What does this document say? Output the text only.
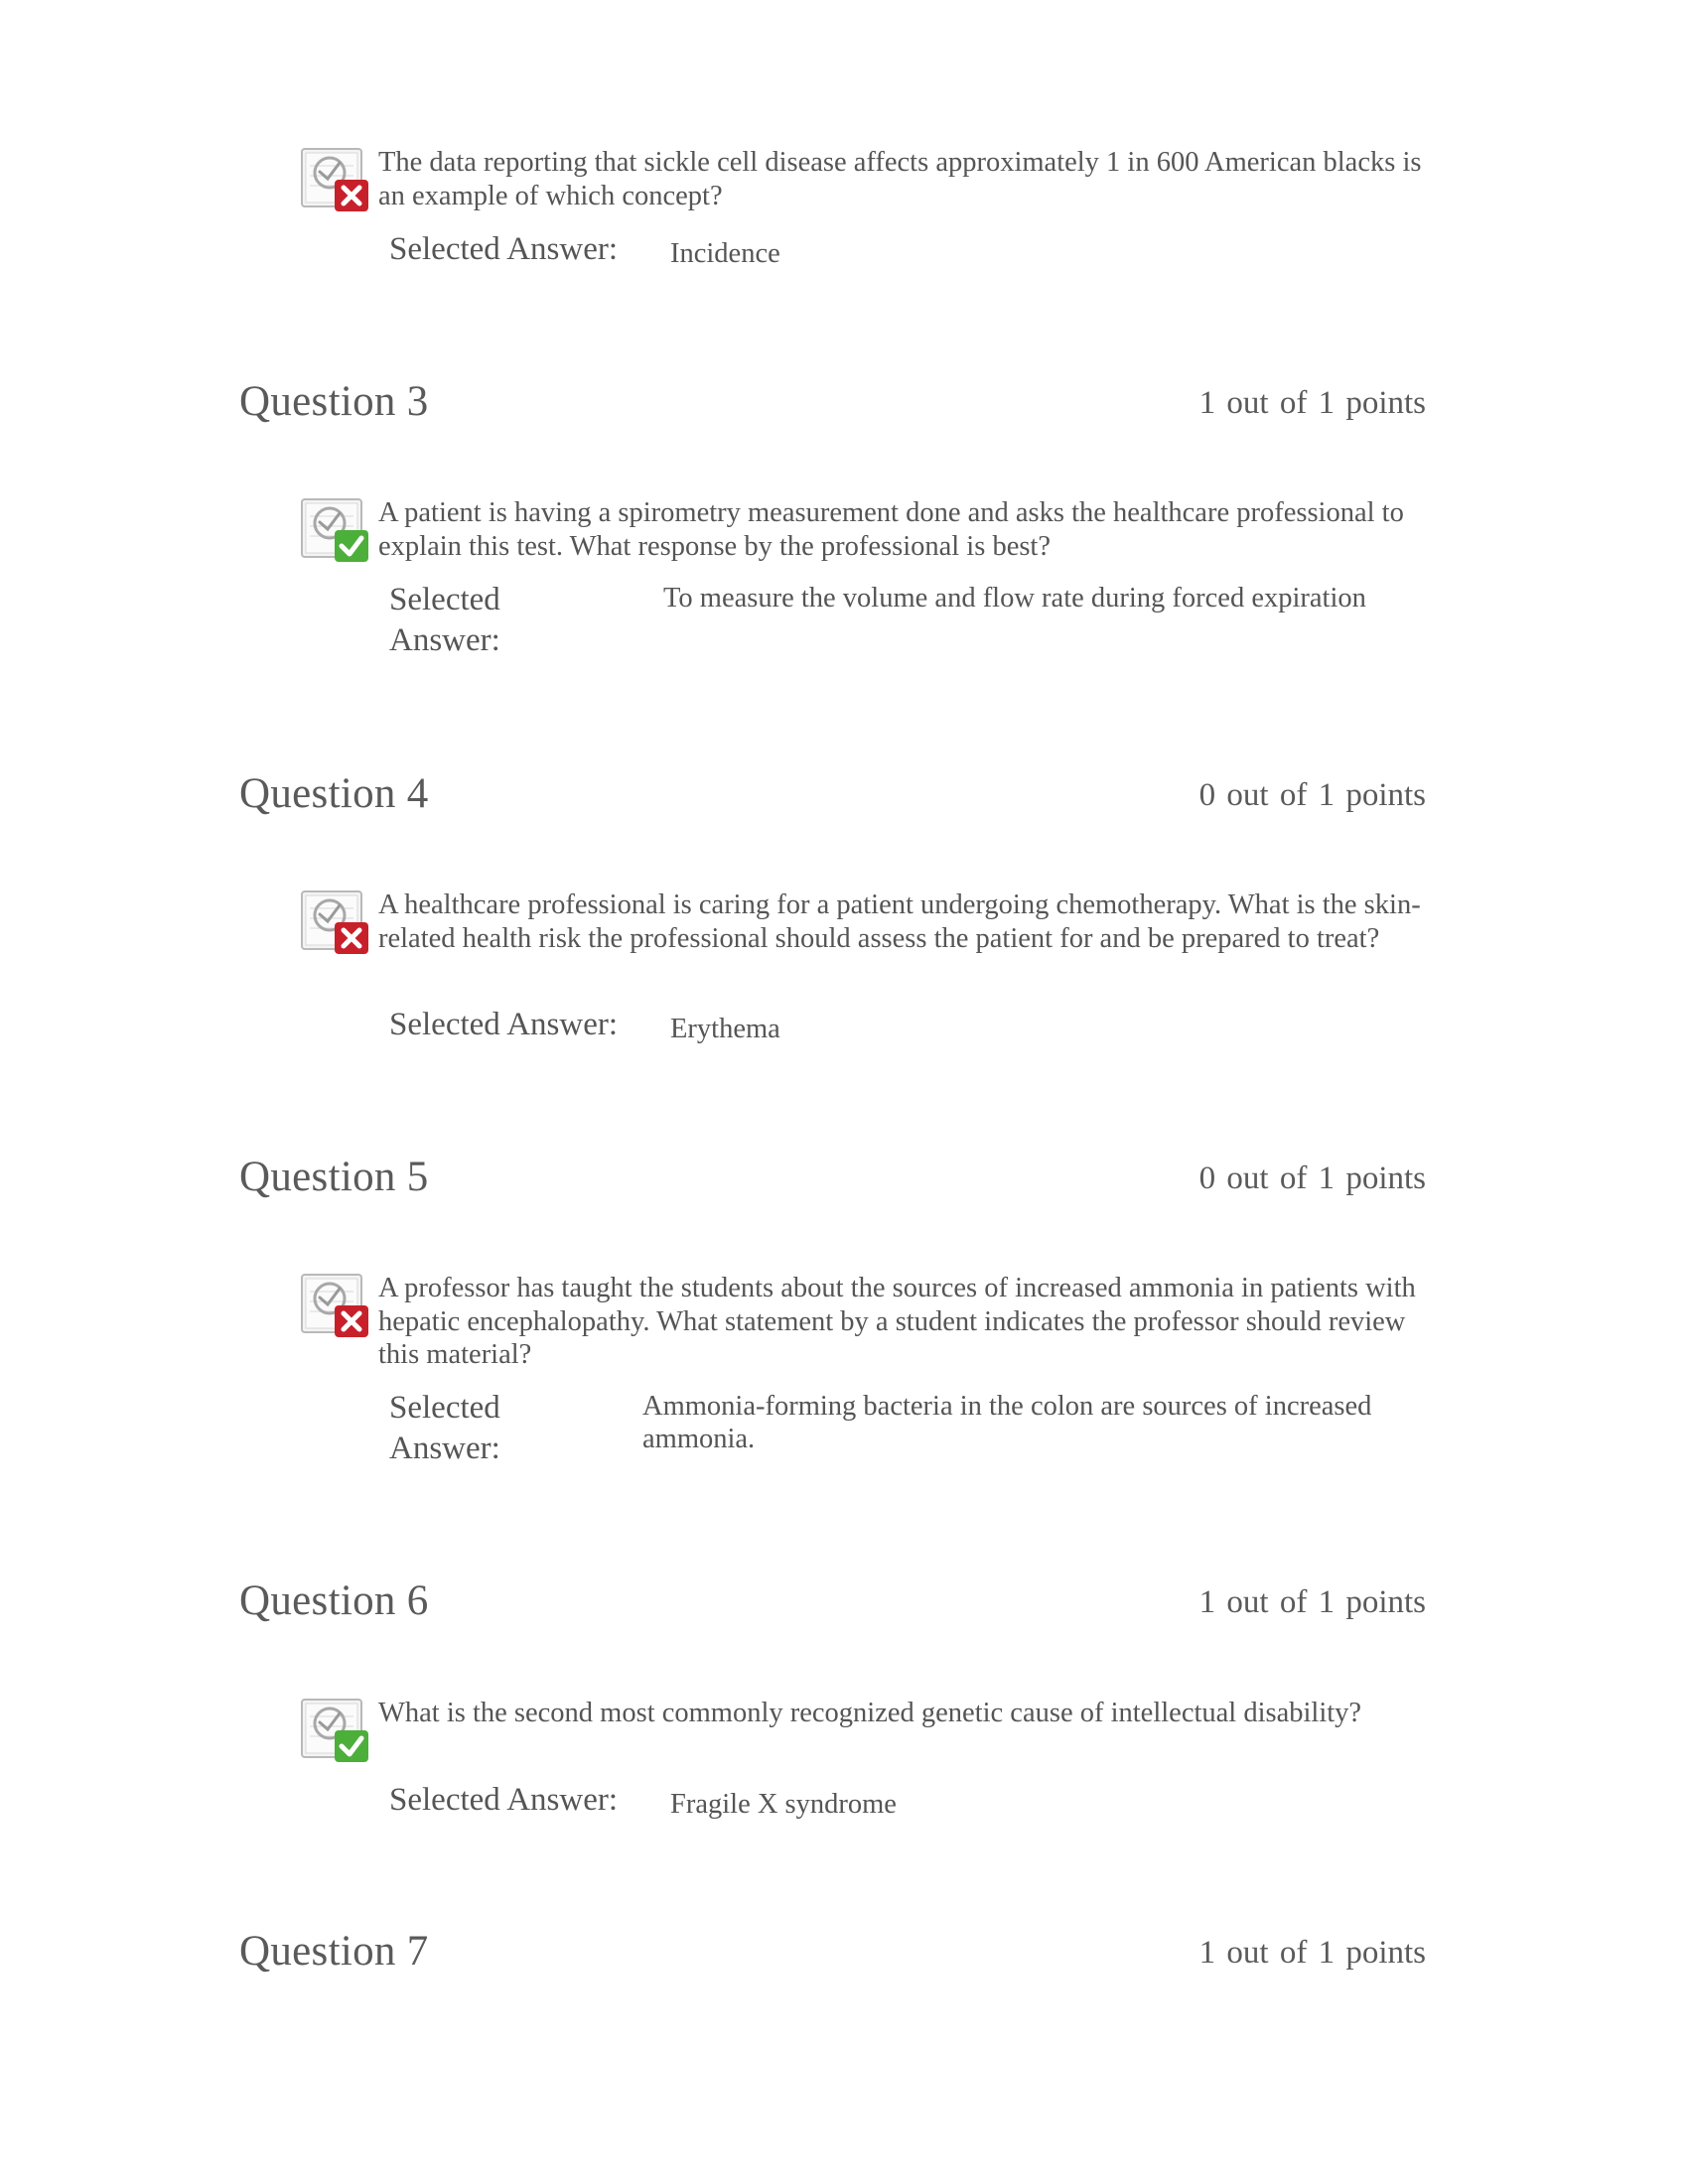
The data reporting that sickle cell disease affects approximately 1 in 600 American blacks is an example of which concept?
Selected Answer: Incidence
Question 3	1 out of 1 points
A patient is having a spirometry measurement done and asks the healthcare professional to explain this test. What response by the professional is best?
Selected Answer:
To measure the volume and flow rate during forced expiration
Question 4	0 out of 1 points
A healthcare professional is caring for a patient undergoing chemotherapy. What is the skin-related health risk the professional should assess the patient for and be prepared to treat?
Selected Answer: Erythema
Question 5	0 out of 1 points
A professor has taught the students about the sources of increased ammonia in patients with hepatic encephalopathy. What statement by a student indicates the professor should review this material?
Selected Answer:
Ammonia-forming bacteria in the colon are sources of increased ammonia.
Question 6	1 out of 1 points
What is the second most commonly recognized genetic cause of intellectual disability?
Selected Answer: Fragile X syndrome
Question 7	1 out of 1 points
